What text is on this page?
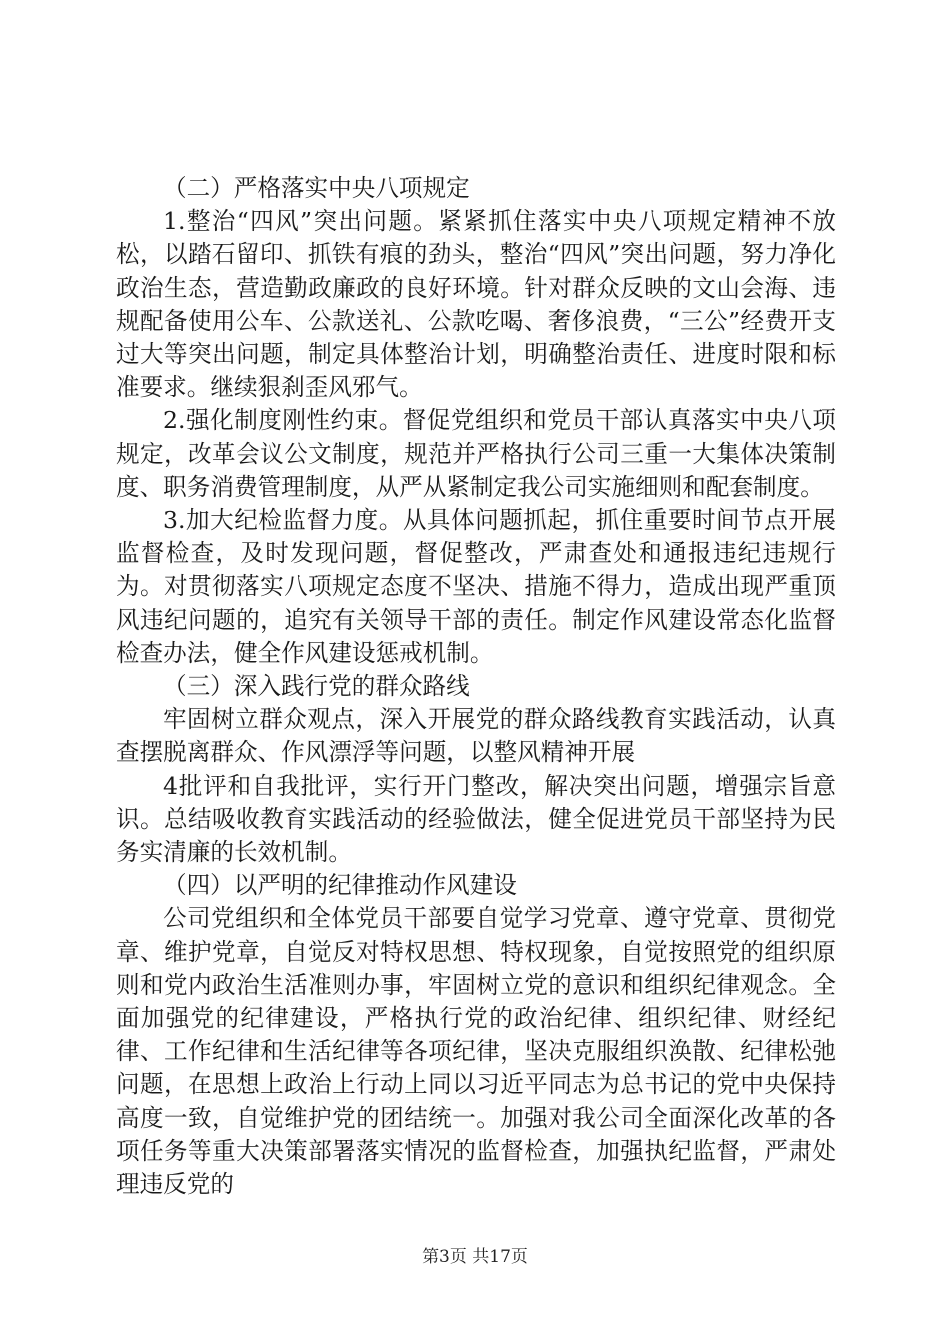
（二）严格落实中央八项规定

1.整治“四风”突出问题。紧紧抓住落实中央八项规定精神不放松，以踏石留印、抓铁有痕的劲头，整治“四风”突出问题，努力净化政治生态，营造勤政廉政的良好环境。针对群众反映的文山会海、违规配备使用公车、公款送礼、公款吃喝、奢侈浪费，“三公”经费开支过大等突出问题，制定具体整治计划，明确整治责任、进度时限和标准要求。继续狠刹歪风邪气。

2.强化制度刚性约束。督促党组织和党员干部认真落实中央八项规定，改革会议公文制度，规范并严格执行公司三重一大集体决策制度、职务消费管理制度，从严从紧制定我公司实施细则和配套制度。

3.加大纪检监督力度。从具体问题抓起，抓住重要时间节点开展监督检查，及时发现问题，督促整改，严肃查处和通报违纪违规行为。对贯彻落实八项规定态度不坚决、措施不得力，造成出现严重顶风违纪问题的，追究有关领导干部的责任。制定作风建设常态化监督检查办法，健全作风建设惩戒机制。

（三）深入践行党的群众路线

牢固树立群众观点，深入开展党的群众路线教育实践活动，认真查摆脱离群众、作风漂浮等问题，以整风精神开展

4批评和自我批评，实行开门整改，解决突出问题，增强宗旨意识。总结吸收教育实践活动的经验做法，健全促进党员干部坚持为民务实清廉的长效机制。

（四）以严明的纪律推动作风建设

公司党组织和全体党员干部要自觉学习党章、遵守党章、贯彻党章、维护党章，自觉反对特权思想、特权现象，自觉按照党的组织原则和党内政治生活准则办事，牢固树立党的意识和组织纪律观念。全面加强党的纪律建设，严格执行党的政治纪律、组织纪律、财经纪律、工作纪律和生活纪律等各项纪律，坚决克服组织涣散、纪律松弛问题，在思想上政治上行动上同以习近平同志为总书记的党中央保持高度一致，自觉维护党的团结统一。加强对我公司全面深化改革的各项任务等重大决策部署落实情况的监督检查，加强执纪监督，严肃处理违反党的

第3页 共17页
